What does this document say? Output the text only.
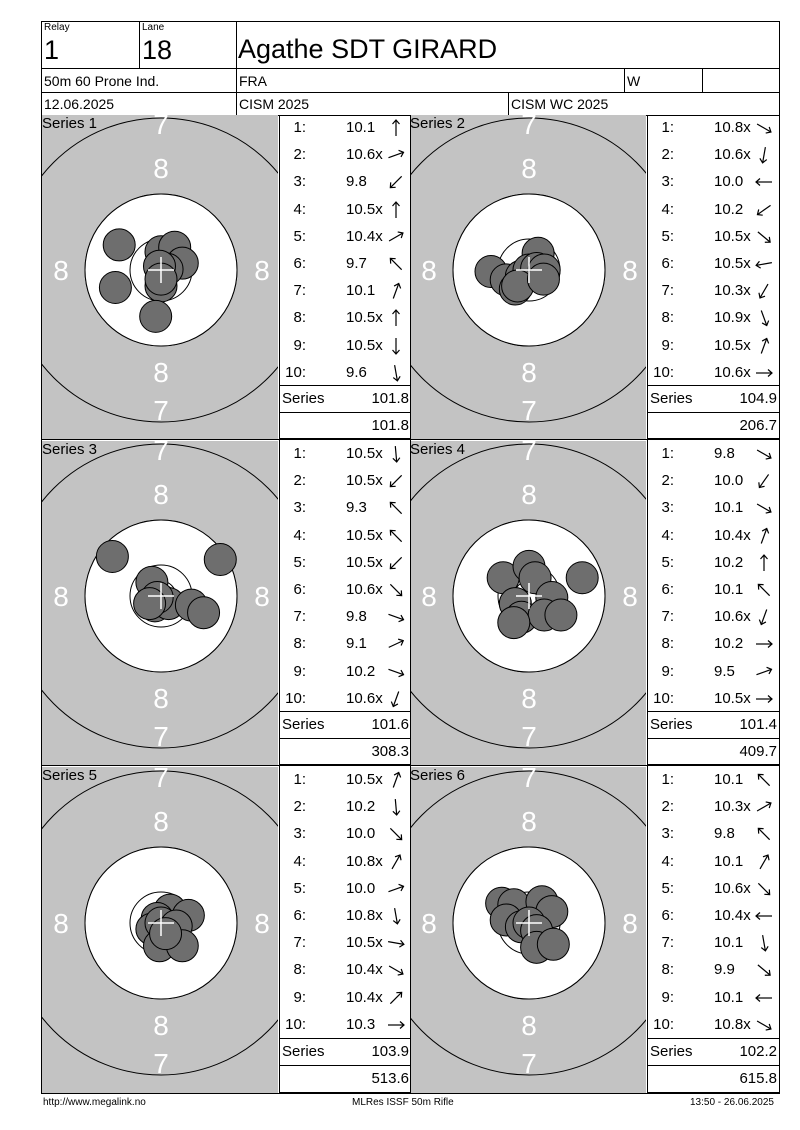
Relay
1
Lane
18 Agathe SDT GIRARD
50m 60 Prone Ind.	FRA	W
12.06.2025	CISM 2025	CISM WC 2025
7
7
8
8
8	8
Series 1	1:	10.1
2:	10.6x
3:	9.8
4:	10.5x
5:	10.4x
6:	9.7
7:	10.1
8:	10.5x
9:	10.5x
10:	9.6
7
7
8
8
8	8
Series 2	1:	10.8x
2:	10.6x
3:	10.0
4:	10.2
5:	10.5x
6:	10.5x
7:	10.3x
8:	10.9x
9:	10.5x
10:	10.6x
7
7
8
8
8	8
Series 3	1:	10.5x
2:	10.5x
3:	9.3
4:	10.5x
5:	10.5x
6:	10.6x
7:	9.8
8:	9.1
9:	10.2
10:	10.6x
7
7
8
8
8	8
Series 4	1:	9.8
2:	10.0
3:	10.1
4:	10.4x
5:	10.2
6:	10.1
7:	10.6x
8:	10.2
9:	9.5
10:	10.5x
7
7
8
8
8	8
Series 5	1:	10.5x
2:	10.2
3:	10.0
4:	10.8x
5:	10.0
6:	10.8x
7:	10.5x
8:	10.4x
9:	10.4x
10:	10.3
7
7
8
8
8	8
Series 6	1:	10.1
2:	10.3x
3:	9.8
4:	10.1
5:	10.6x
6:	10.4x
7:	10.1
8:	9.9
9:	10.1
10:	10.8x
Series	101.8
101.8
Series	104.9
206.7
Series	101.6
308.3
Series	101.4
409.7
Series	103.9
513.6
Series	102.2
615.8
http://www.megalink.no	MLRes ISSF 50m Rifle	13:50 - 26.06.2025
